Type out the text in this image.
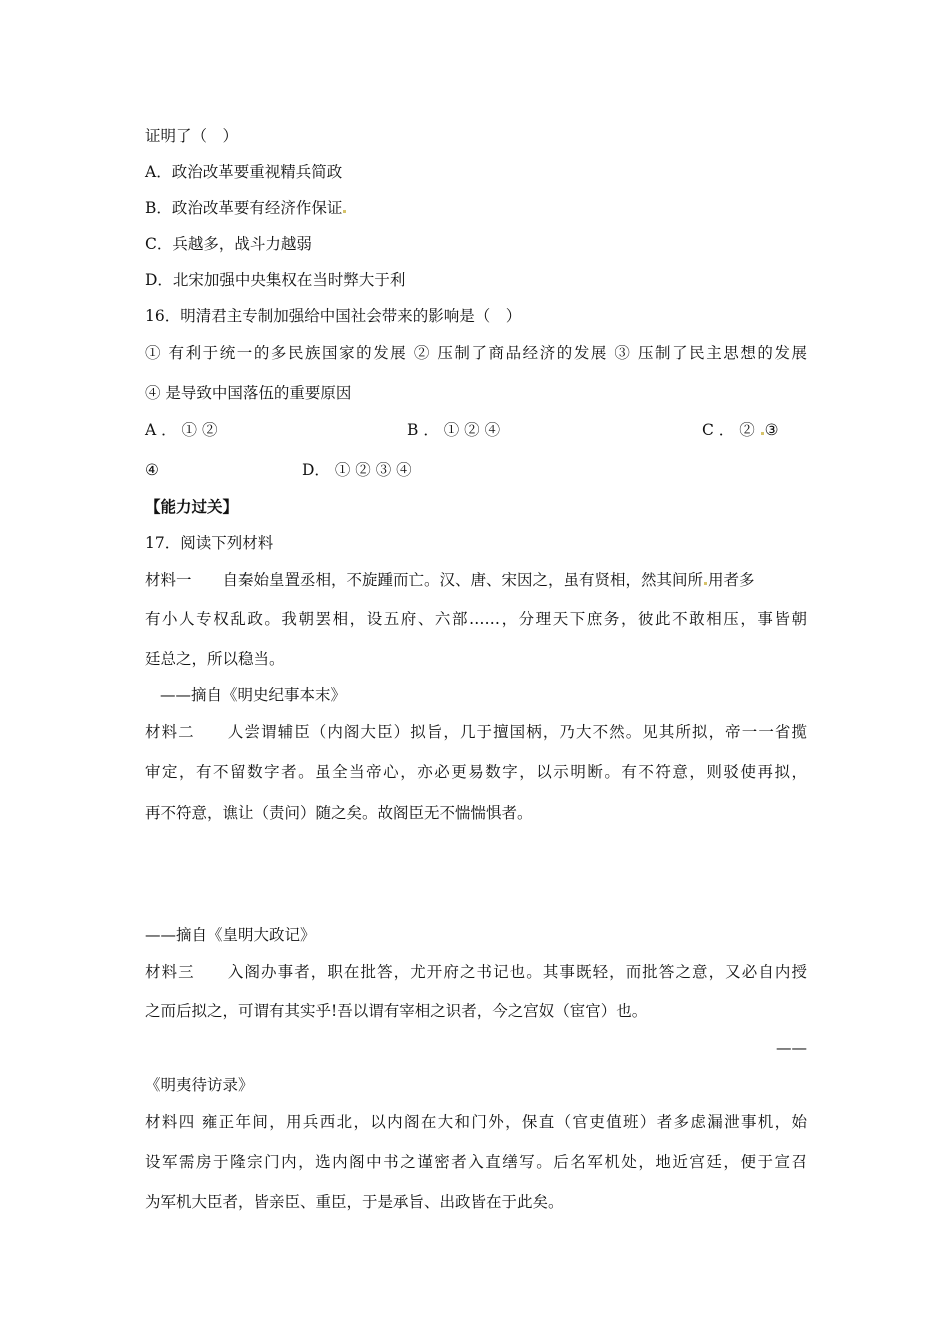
证明了（　）

A．政治改革要重视精兵简政

B．政治改革要有经济作保证

C．兵越多，战斗力越弱

D．北宋加强中央集权在当时弊大于利

16．明清君主专制加强给中国社会带来的影响是（　）

① 有利于统一的多民族国家的发展 ② 压制了商品经济的发展 ③ 压制了民主思想的发展

④ 是导致中国落伍的重要原因

A ． ① ②	B ． ① ② ④	C ． ② ③
④	D． ① ② ③ ④

【能力过关】

17．阅读下列材料

材料一　　自秦始皇置丞相，不旋踵而亡。汉、唐、宋因之，虽有贤相，然其间所 用者多

有小人专权乱政。我朝罢相，设五府、六部……，分理天下庶务，彼此不敢相压，事皆朝

廷总之，所以稳当。

——摘自《明史纪事本末》

材料二　　人尝谓辅臣（内阁大臣）拟旨，几于擅国柄，乃大不然。见其所拟，帝一一省揽

审定，有不留数字者。虽全当帝心，亦必更易数字，以示明断。有不符意，则驳使再拟，

再不符意，谯让（责问）随之矣。故阁臣无不惴惴惧者。

——摘自《皇明大政记》

材料三　　入阁办事者，职在批答，尤开府之书记也。其事既轻，而批答之意，又必自内授

之而后拟之，可谓有其实乎!吾以谓有宰相之识者，今之宫奴（宦官）也。

——

《明夷待访录》

材料四 雍正年间，用兵西北，以内阁在大和门外，保直（官吏值班）者多虑漏泄事机，始

设军需房于隆宗门内，选内阁中书之谨密者入直缮写。后名军机处，地近宫廷，便于宣召

为军机大臣者，皆亲臣、重臣，于是承旨、出政皆在于此矣。
